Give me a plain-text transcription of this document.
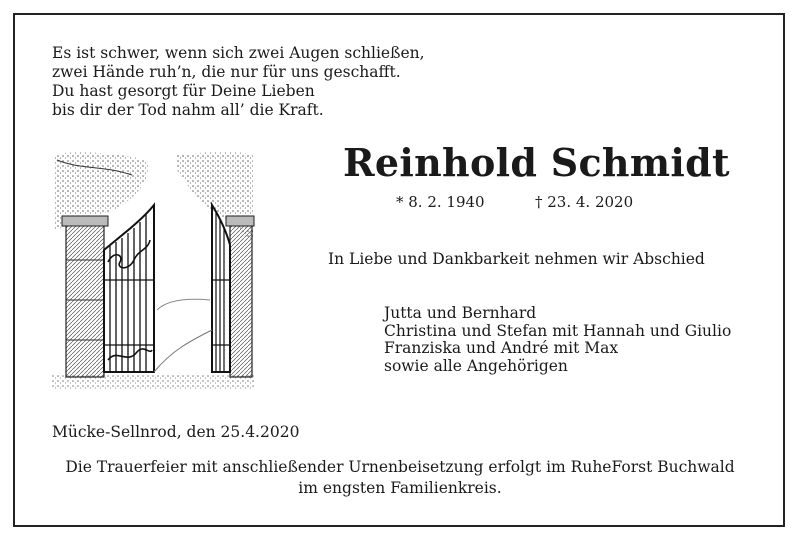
Es ist schwer, wenn sich zwei Augen schließen,
zwei Hände ruh’n, die nur für uns geschafft.
Du hast gesorgt für Deine Lieben
bis dir der Tod nahm all’ die Kraft.
Reinhold Schmidt
* 8. 2. 1940	† 23. 4. 2020
In Liebe und Dankbarkeit nehmen wir Abschied
Jutta und Bernhard
Christina und Stefan mit Hannah und Giulio
Franziska und André mit Max
sowie alle Angehörigen
Mücke-Sellnrod, den 25.4.2020
Die Trauerfeier mit anschließender Urnenbeisetzung erfolgt im RuheForst Buchwald
im engsten Familienkreis.
